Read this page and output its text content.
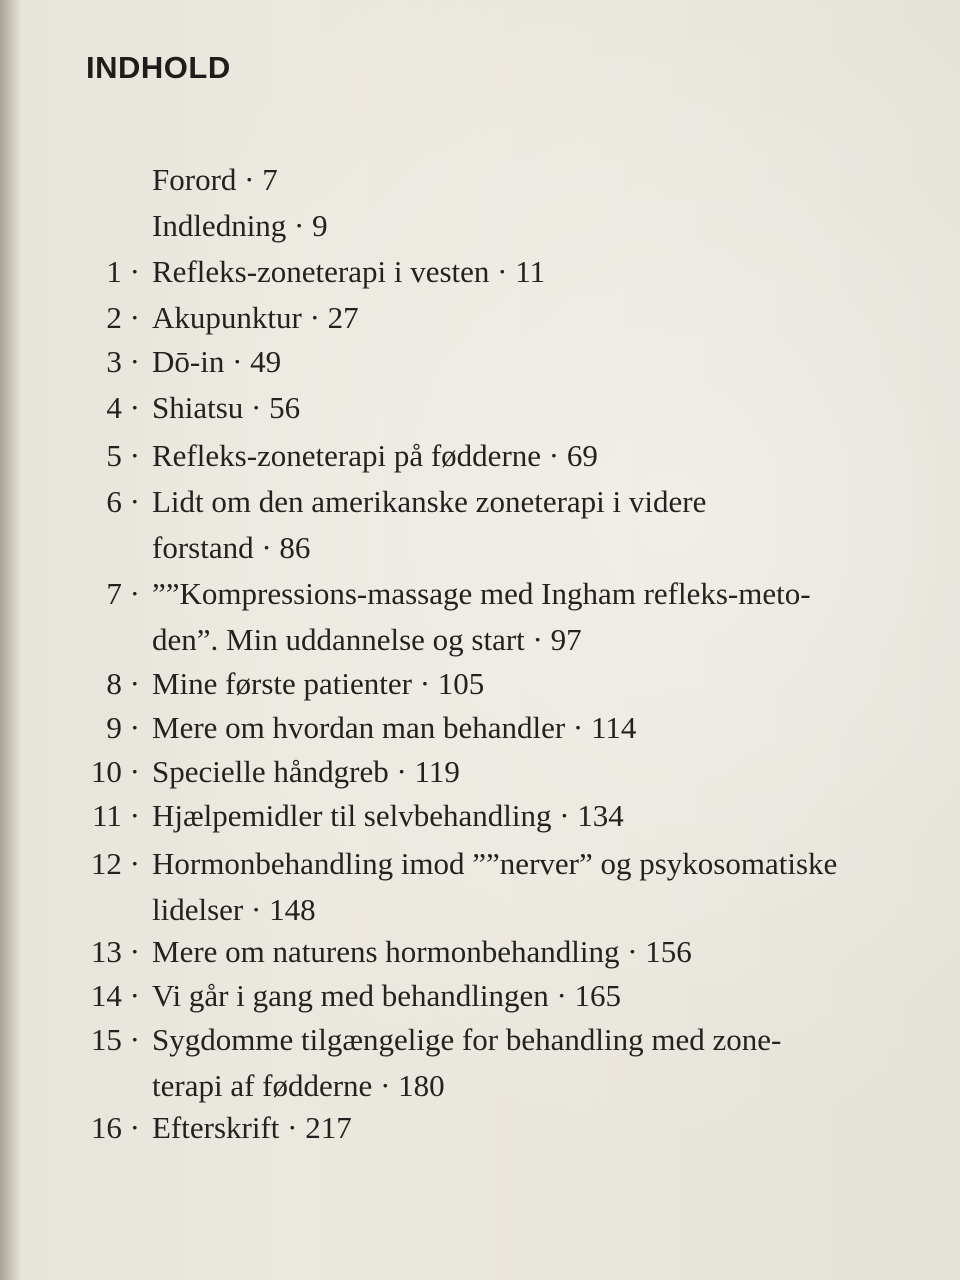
INDHOLD
Forord · 7
Indledning · 9
1 · Refleks-zoneterapi i vesten · 11
2 · Akupunktur · 27
3 · Dō-in · 49
4 · Shiatsu · 56
5 · Refleks-zoneterapi på fødderne · 69
6 · Lidt om den amerikanske zoneterapi i videre
forstand · 86
7 · ””Kompressions-massage med Ingham refleks-meto-
den”. Min uddannelse og start · 97
8 · Mine første patienter · 105
9 · Mere om hvordan man behandler · 114
10 · Specielle håndgreb · 119
11 · Hjælpemidler til selvbehandling · 134
12 · Hormonbehandling imod ””nerver” og psykosomatiske
lidelser · 148
13 · Mere om naturens hormonbehandling · 156
14 · Vi går i gang med behandlingen · 165
15 · Sygdomme tilgængelige for behandling med zone-
terapi af fødderne · 180
16 · Efterskrift · 217
